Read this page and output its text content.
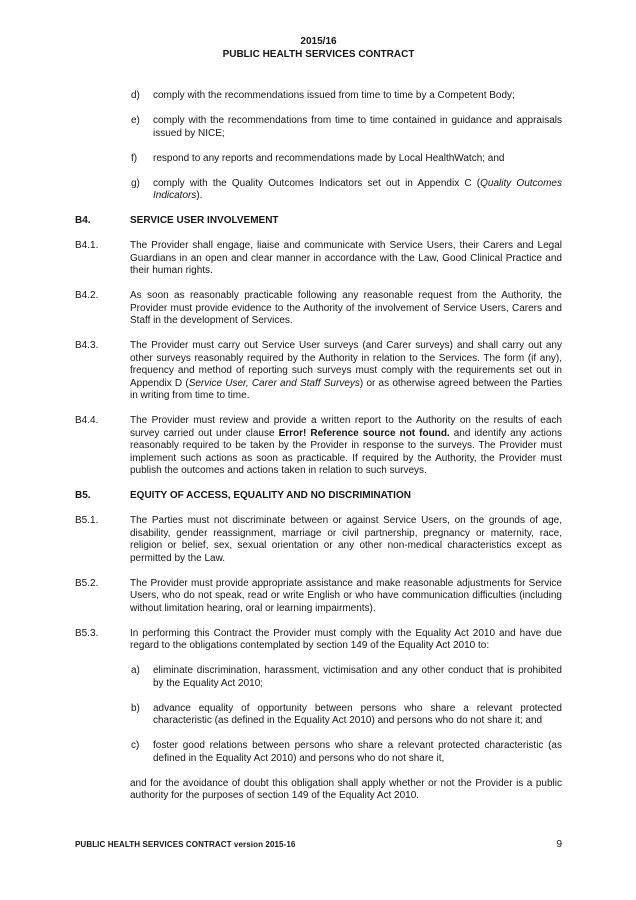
2015/16
PUBLIC HEALTH SERVICES CONTRACT
d)	comply with the recommendations issued from time to time by a Competent Body;
e)	comply with the recommendations from time to time contained in guidance and appraisals issued by NICE;
f)	respond to any reports and recommendations made by Local HealthWatch; and
g)	comply with the Quality Outcomes Indicators set out in Appendix C (Quality Outcomes Indicators).
B4.	SERVICE USER INVOLVEMENT
B4.1.	The Provider shall engage, liaise and communicate with Service Users, their Carers and Legal Guardians in an open and clear manner in accordance with the Law, Good Clinical Practice and their human rights.
B4.2.	As soon as reasonably practicable following any reasonable request from the Authority, the Provider must provide evidence to the Authority of the involvement of Service Users, Carers and Staff in the development of Services.
B4.3.	The Provider must carry out Service User surveys (and Carer surveys) and shall carry out any other surveys reasonably required by the Authority in relation to the Services. The form (if any), frequency and method of reporting such surveys must comply with the requirements set out in Appendix D (Service User, Carer and Staff Surveys) or as otherwise agreed between the Parties in writing from time to time.
B4.4.	The Provider must review and provide a written report to the Authority on the results of each survey carried out under clause Error! Reference source not found. and identify any actions reasonably required to be taken by the Provider in response to the surveys. The Provider must implement such actions as soon as practicable. If required by the Authority, the Provider must publish the outcomes and actions taken in relation to such surveys.
B5.	EQUITY OF ACCESS, EQUALITY AND NO DISCRIMINATION
B5.1.	The Parties must not discriminate between or against Service Users, on the grounds of age, disability, gender reassignment, marriage or civil partnership, pregnancy or maternity, race, religion or belief, sex, sexual orientation or any other non-medical characteristics except as permitted by the Law.
B5.2.	The Provider must provide appropriate assistance and make reasonable adjustments for Service Users, who do not speak, read or write English or who have communication difficulties (including without limitation hearing, oral or learning impairments).
B5.3.	In performing this Contract the Provider must comply with the Equality Act 2010 and have due regard to the obligations contemplated by section 149 of the Equality Act 2010 to:
a)	eliminate discrimination, harassment, victimisation and any other conduct that is prohibited by the Equality Act 2010;
b)	advance equality of opportunity between persons who share a relevant protected characteristic (as defined in the Equality Act 2010) and persons who do not share it; and
c)	foster good relations between persons who share a relevant protected characteristic (as defined in the Equality Act 2010) and persons who do not share it,
and for the avoidance of doubt this obligation shall apply whether or not the Provider is a public authority for the purposes of section 149 of the Equality Act 2010.
PUBLIC HEALTH SERVICES CONTRACT version 2015-16	9
